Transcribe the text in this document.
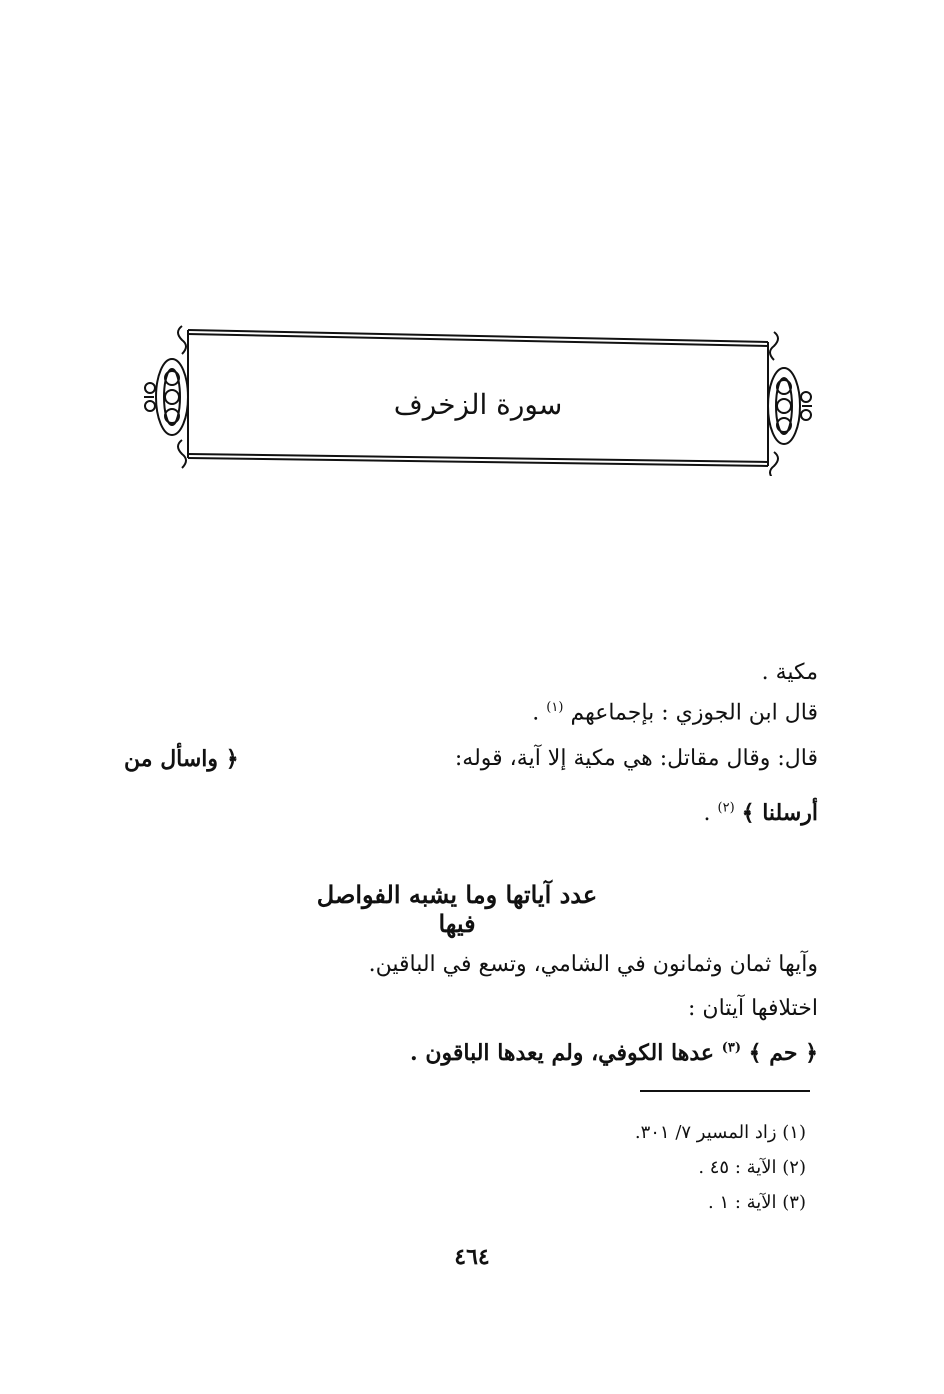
سورة الزخرف
مكية .
قال ابن الجوزي : بإجماعهم $^{(١)}$ .
قال: وقال مقاتل: هي مكية إلا آية، قوله:
﴿ واسأل من
أرسلنا ﴾ $^{(٢)}$ .
عدد آياتها وما يشبه الفواصل فيها
وآيها ثمان وثمانون في الشامي، وتسع في الباقين.
اختلافها آيتان :
﴿ حم ﴾ $^{(٣)}$ عدها الكوفي، ولم يعدها الباقون .
(١) زاد المسير ٧/ ٣٠١.
(٢) الآية : ٤٥ .
(٣) الآية : ١ .
٤٦٤
